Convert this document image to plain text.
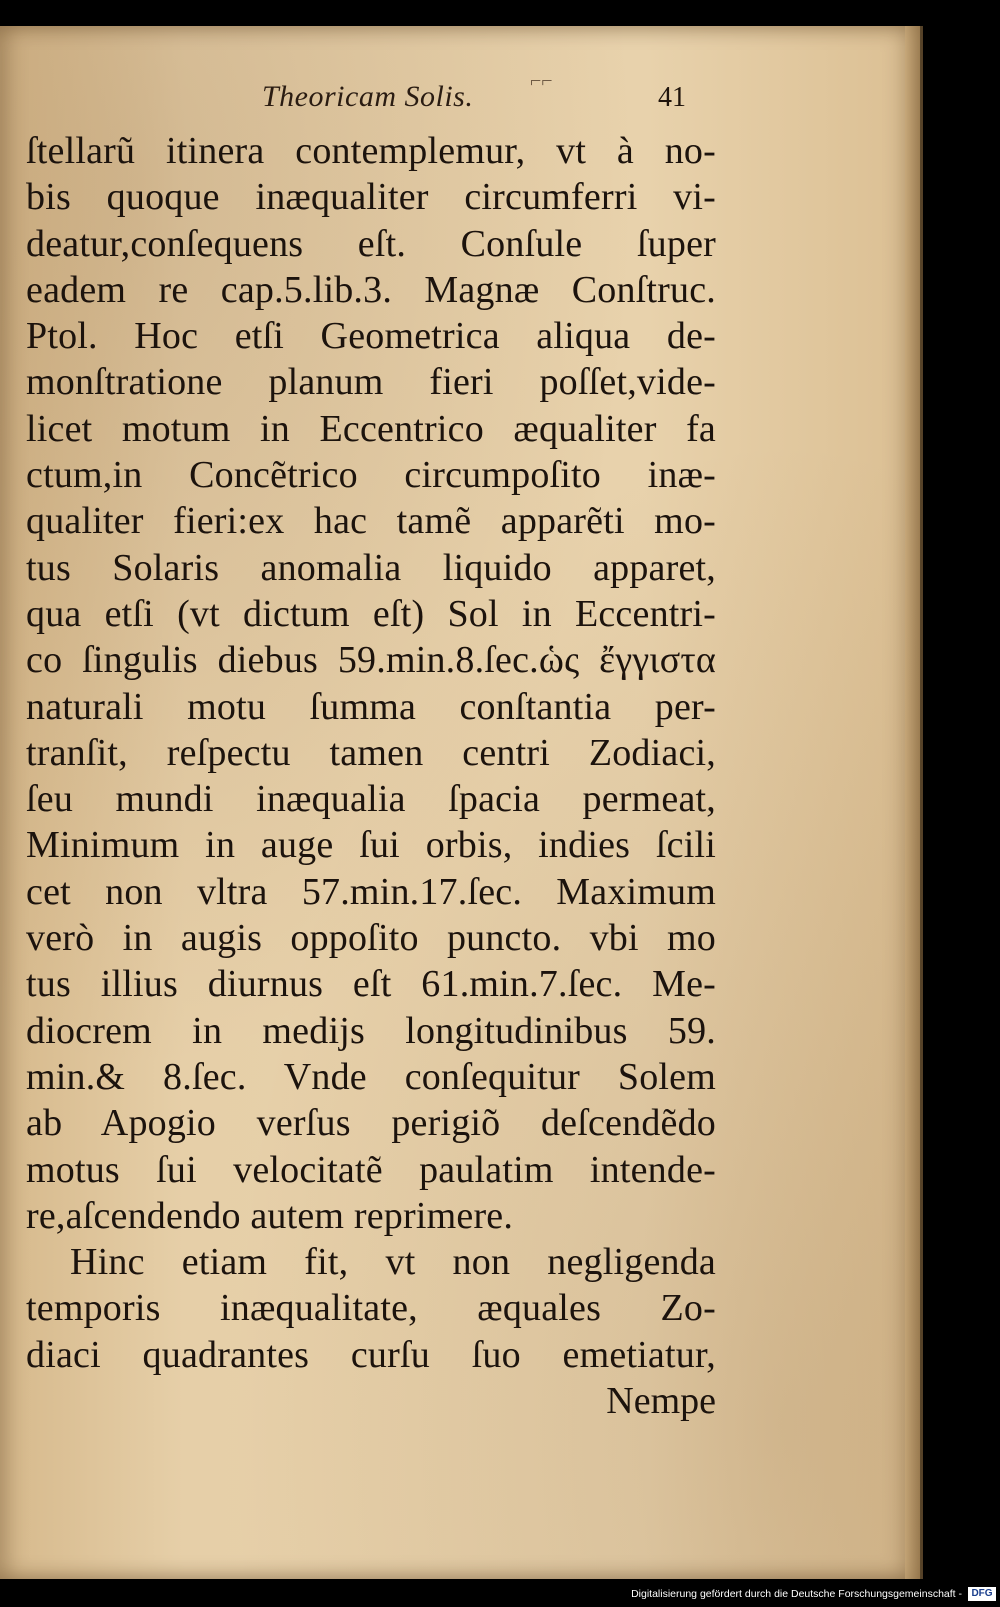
Theoricam Solis.	⌐⌐
41
ſtellarũ itinera contemplemur, vt à no-
bis quoque inæqualiter circumferri vi-
deatur,conſequens eſt. Conſule ſuper
eadem re cap.5.lib.3. Magnæ Conſtruc.
Ptol. Hoc etſi Geometrica aliqua de-
monſtratione planum fieri poſſet,vide-
licet motum in Eccentrico æqualiter fa
ctum,in Concẽtrico circumpoſito inæ-
qualiter fieri:ex hac tamẽ apparẽti mo-
tus Solaris anomalia liquido apparet,
qua etſi (vt dictum eſt) Sol in Eccentri-
co ſingulis diebus 59.min.8.ſec.ὡς ἔγγιστα
naturali motu ſumma conſtantia per-
tranſit, reſpectu tamen centri Zodiaci,
ſeu mundi inæqualia ſpacia permeat,
Minimum in auge ſui orbis, indies ſcili
cet non vltra 57.min.17.ſec. Maximum
verò in augis oppoſito puncto. vbi mo
tus illius diurnus eſt 61.min.7.ſec. Me-
diocrem in medijs longitudinibus 59.
min.& 8.ſec. Vnde conſequitur Solem
ab Apogio verſus perigiõ deſcendẽdo
motus ſui velocitatẽ paulatim intende-
re,aſcendendo autem reprimere.
Hinc etiam fit, vt non negligenda
temporis inæqualitate, æquales Zo-
diaci quadrantes curſu ſuo emetiatur,
Nempe
Digitalisierung gefördert durch die Deutsche Forschungsgemeinschaft - DFG
